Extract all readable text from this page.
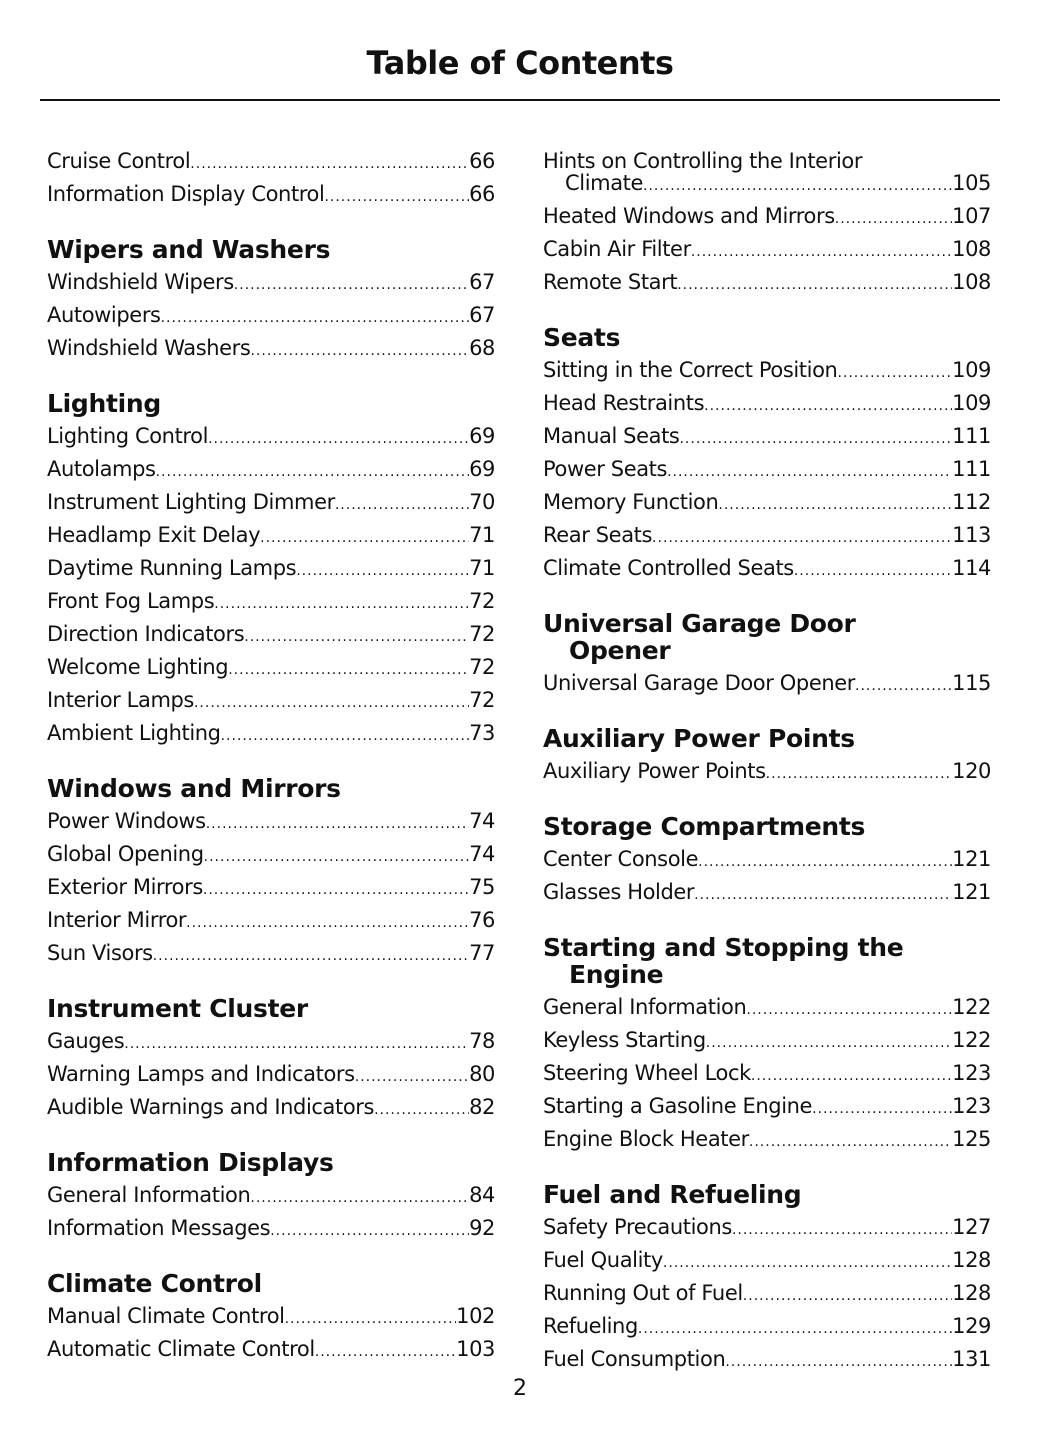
Table of Contents
Cruise Control .....	66
Information Display Control .....	66
Wipers and Washers
Windshield Wipers .....	67
Autowipers .....	67
Windshield Washers .....	68
Lighting
Lighting Control .....	69
Autolamps .....	69
Instrument Lighting Dimmer .....	70
Headlamp Exit Delay .....	71
Daytime Running Lamps .....	71
Front Fog Lamps .....	72
Direction Indicators .....	72
Welcome Lighting .....	72
Interior Lamps .....	72
Ambient Lighting .....	73
Windows and Mirrors
Power Windows .....	74
Global Opening .....	74
Exterior Mirrors .....	75
Interior Mirror .....	76
Sun Visors .....	77
Instrument Cluster
Gauges .....	78
Warning Lamps and Indicators .....	80
Audible Warnings and Indicators .....	82
Information Displays
General Information .....	84
Information Messages .....	92
Climate Control
Manual Climate Control .....	102
Automatic Climate Control .....	103
Hints on Controlling the Interior
Climate .....	105
Heated Windows and Mirrors .....	107
Cabin Air Filter .....	108
Remote Start .....	108
Seats
Sitting in the Correct Position .....	109
Head Restraints .....	109
Manual Seats .....	111
Power Seats .....	111
Memory Function .....	112
Rear Seats .....	113
Climate Controlled Seats .....	114
Universal Garage Door
Opener
Universal Garage Door Opener .....	115
Auxiliary Power Points
Auxiliary Power Points .....	120
Storage Compartments
Center Console .....	121
Glasses Holder .....	121
Starting and Stopping the
Engine
General Information .....	122
Keyless Starting .....	122
Steering Wheel Lock .....	123
Starting a Gasoline Engine .....	123
Engine Block Heater .....	125
Fuel and Refueling
Safety Precautions .....	127
Fuel Quality .....	128
Running Out of Fuel .....	128
Refueling .....	129
Fuel Consumption .....	131
2
